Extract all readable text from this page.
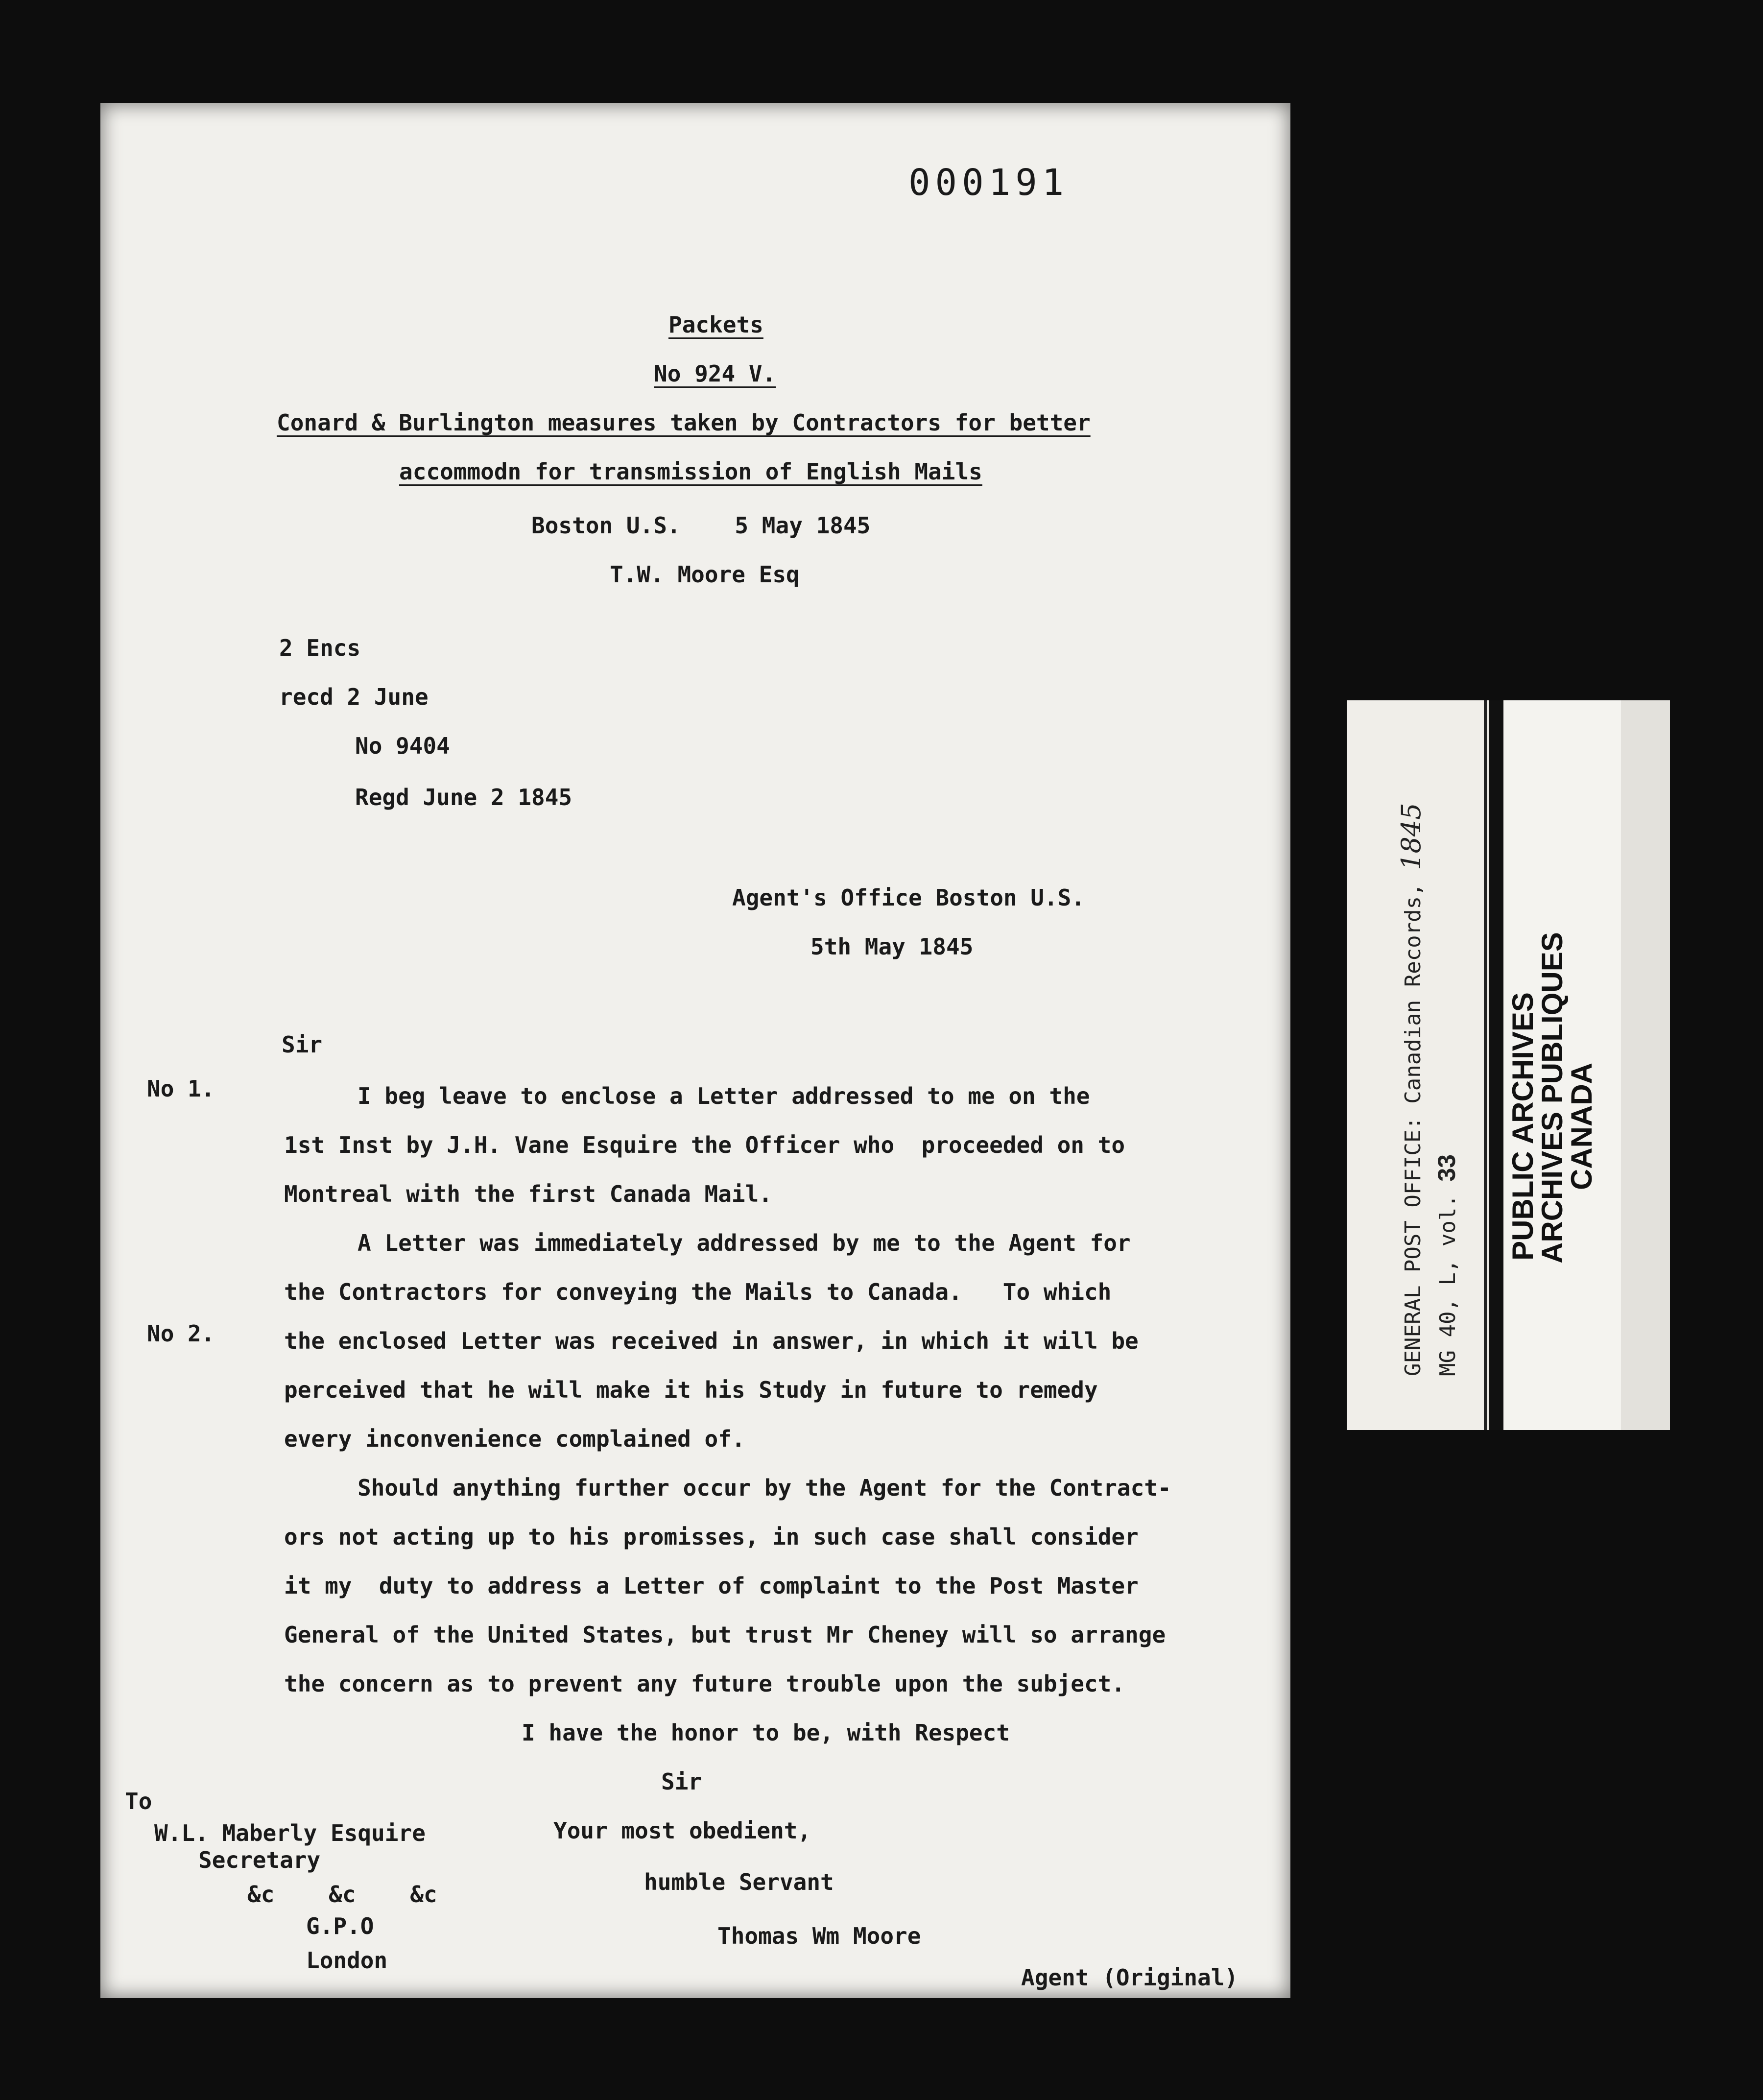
000191
Packets
No 924 V.
Conard & Burlington measures taken by Contractors for better
accommodn for transmission of English Mails
Boston U.S.    5 May 1845
T.W. Moore Esq
2 Encs
recd 2 June
No 9404
Regd June 2 1845
Agent's Office Boston U.S.
5th May 1845
Sir
No 1.
No 2.
I beg leave to enclose a Letter addressed to me on the
1st Inst by J.H. Vane Esquire the Officer who  proceeded on to
Montreal with the first Canada Mail.
A Letter was immediately addressed by me to the Agent for
the Contractors for conveying the Mails to Canada.   To which
the enclosed Letter was received in answer, in which it will be
perceived that he will make it his Study in future to remedy
every inconvenience complained of.
Should anything further occur by the Agent for the Contract-
ors not acting up to his promisses, in such case shall consider
it my  duty to address a Letter of complaint to the Post Master
General of the United States, but trust Mr Cheney will so arrange
the concern as to prevent any future trouble upon the subject.
I have the honor to be, with Respect
Sir
Your most obedient,
humble Servant
Thomas Wm Moore
Agent (Original)
To
W.L. Maberly Esquire
Secretary
&c    &c    &c
G.P.O
London
GENERAL POST OFFICE: Canadian Records, 1845
MG 40, L, vol. 33 PUBLIC ARCHIVES
ARCHIVES PUBLIQUES
CANADA
